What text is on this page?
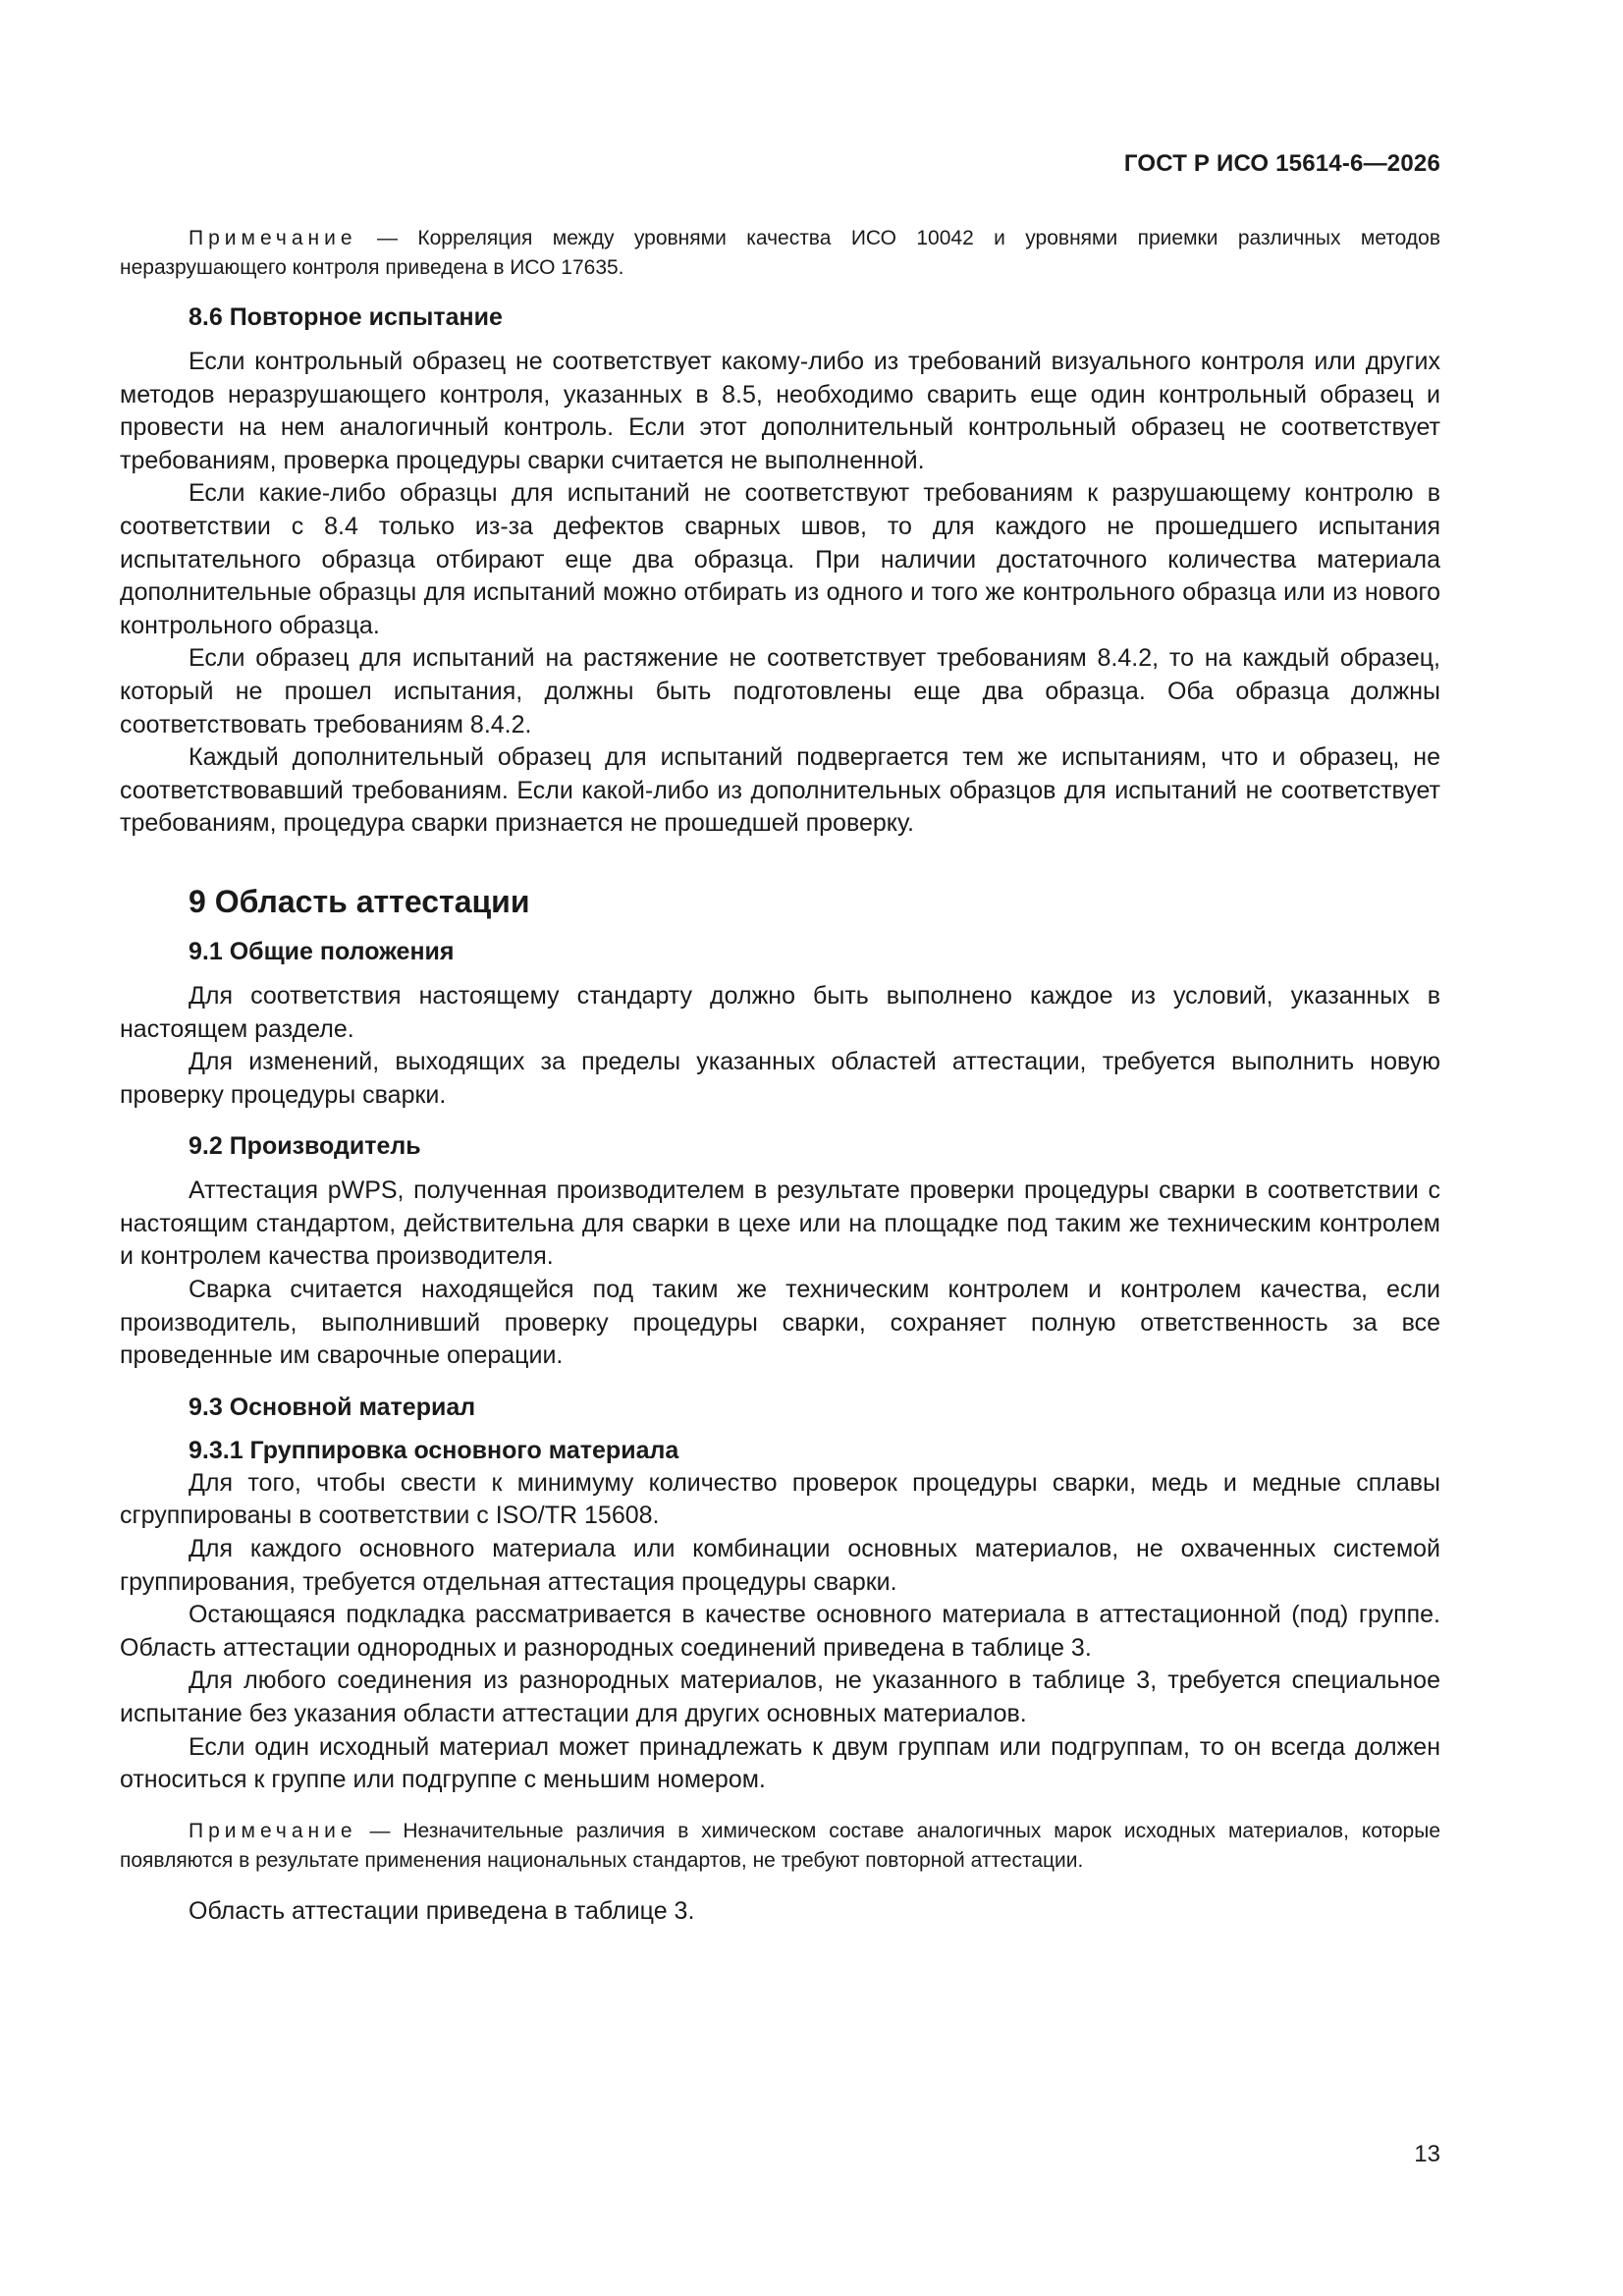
ГОСТ Р ИСО 15614-6—2026

Примечание — Корреляция между уровнями качества ИСО 10042 и уровнями приемки различных методов неразрушающего контроля приведена в ИСО 17635.

8.6 Повторное испытание

Если контрольный образец не соответствует какому-либо из требований визуального контроля или других методов неразрушающего контроля, указанных в 8.5, необходимо сварить еще один контрольный образец и провести на нем аналогичный контроль. Если этот дополнительный контрольный образец не соответствует требованиям, проверка процедуры сварки считается не выполненной.

Если какие-либо образцы для испытаний не соответствуют требованиям к разрушающему контролю в соответствии с 8.4 только из-за дефектов сварных швов, то для каждого не прошедшего испытания испытательного образца отбирают еще два образца. При наличии достаточного количества материала дополнительные образцы для испытаний можно отбирать из одного и того же контрольного образца или из нового контрольного образца.

Если образец для испытаний на растяжение не соответствует требованиям 8.4.2, то на каждый образец, который не прошел испытания, должны быть подготовлены еще два образца. Оба образца должны соответствовать требованиям 8.4.2.

Каждый дополнительный образец для испытаний подвергается тем же испытаниям, что и образец, не соответствовавший требованиям. Если какой-либо из дополнительных образцов для испытаний не соответствует требованиям, процедура сварки признается не прошедшей проверку.

9 Область аттестации

9.1 Общие положения

Для соответствия настоящему стандарту должно быть выполнено каждое из условий, указанных в настоящем разделе.

Для изменений, выходящих за пределы указанных областей аттестации, требуется выполнить новую проверку процедуры сварки.

9.2 Производитель

Аттестация pWPS, полученная производителем в результате проверки процедуры сварки в соответствии с настоящим стандартом, действительна для сварки в цехе или на площадке под таким же техническим контролем и контролем качества производителя.

Сварка считается находящейся под таким же техническим контролем и контролем качества, если производитель, выполнивший проверку процедуры сварки, сохраняет полную ответственность за все проведенные им сварочные операции.

9.3 Основной материал

9.3.1 Группировка основного материала

Для того, чтобы свести к минимуму количество проверок процедуры сварки, медь и медные сплавы сгруппированы в соответствии с ISO/TR 15608.

Для каждого основного материала или комбинации основных материалов, не охваченных системой группирования, требуется отдельная аттестация процедуры сварки.

Остающаяся подкладка рассматривается в качестве основного материала в аттестационной (под) группе. Область аттестации однородных и разнородных соединений приведена в таблице 3.

Для любого соединения из разнородных материалов, не указанного в таблице 3, требуется специальное испытание без указания области аттестации для других основных материалов.

Если один исходный материал может принадлежать к двум группам или подгруппам, то он всегда должен относиться к группе или подгруппе с меньшим номером.

Примечание — Незначительные различия в химическом составе аналогичных марок исходных материалов, которые появляются в результате применения национальных стандартов, не требуют повторной аттестации.

Область аттестации приведена в таблице 3.

13
